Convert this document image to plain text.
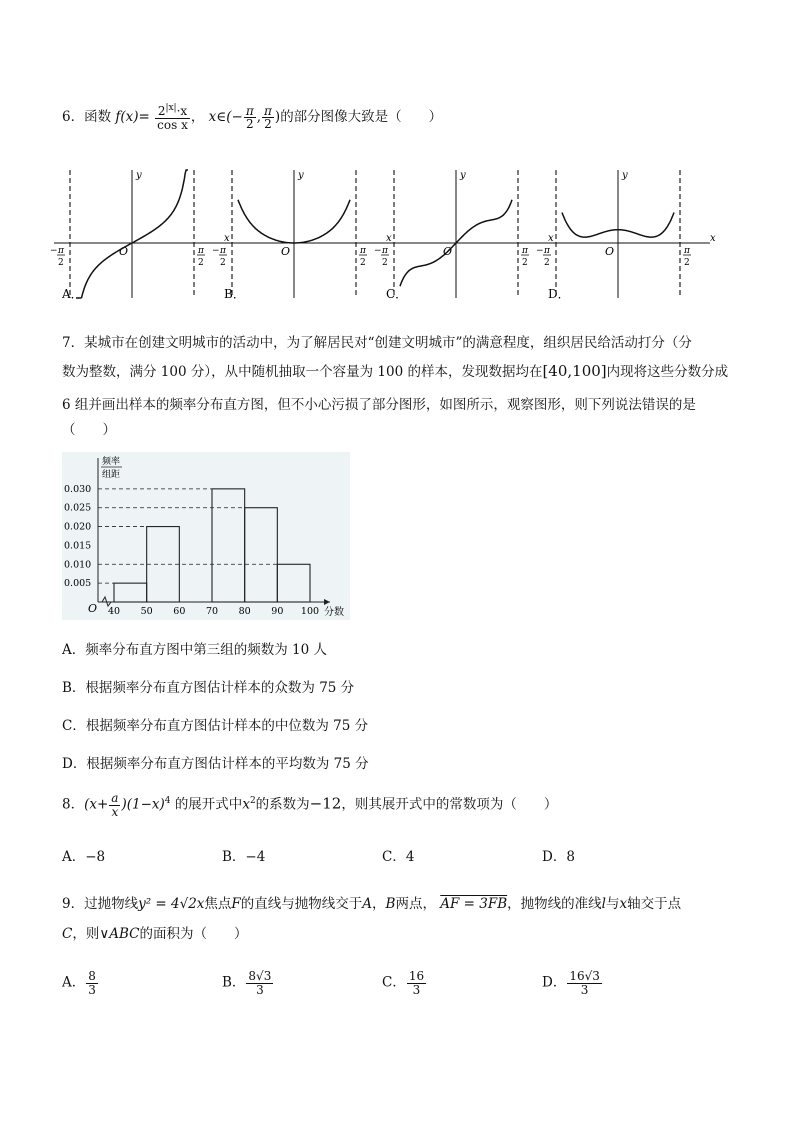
6．函数 $f(x)= \frac{2^{|x|}\cdot x}{\text{cos x}}$ ， x∈(− $\frac{\pi}{2}$ , $\frac{\pi}{2}$ )的部分图像大致是（　　）
A．
x
y
O
− π
2
π
2
B．
x
y
O
− π
2
π
2
C．
x
y
O
− π
2
π
2
D．
x
y
O
− π
2
π
2
7．某城市在创建文明城市的活动中，为了解居民对“创建文明城市”的满意程度，组织居民给活动打分（分
数为整数，满分 100 分），从中随机抽取一个容量为 100 的样本，发现数据均在[40,100]内现将这些分数分成
6 组并画出样本的频率分布直方图，但不小心污损了部分图形，如图所示，观察图形，则下列说法错误的是
（　　）
O
频率
组距
0.005
0.010
0.015
0.020
0.025
0.030
40 50 60 70 80 90 100 分数
A．频率分布直方图中第三组的频数为 10 人
B．根据频率分布直方图估计样本的众数为 75 分
C．根据频率分布直方图估计样本的中位数为 75 分
D．根据频率分布直方图估计样本的平均数为 75 分
8．$(x+ \frac{a}{x} )(1-x)^4$ 的展开式中$x^2$的系数为−12，则其展开式中的常数项为（　　）
A．−8	B．−4	C．4	D．8
9．过抛物线y² = 4√2x焦点F的直线与抛物线交于A，B两点， AF = 3FB，抛物线的准线l与x轴交于点
C，则∨ABC的面积为（　　）
A． $\frac{8}{3}$	B． $\frac{8√3}{3}$	C． $\frac{16}{3}$	D． $\frac{16√3}{3}$
